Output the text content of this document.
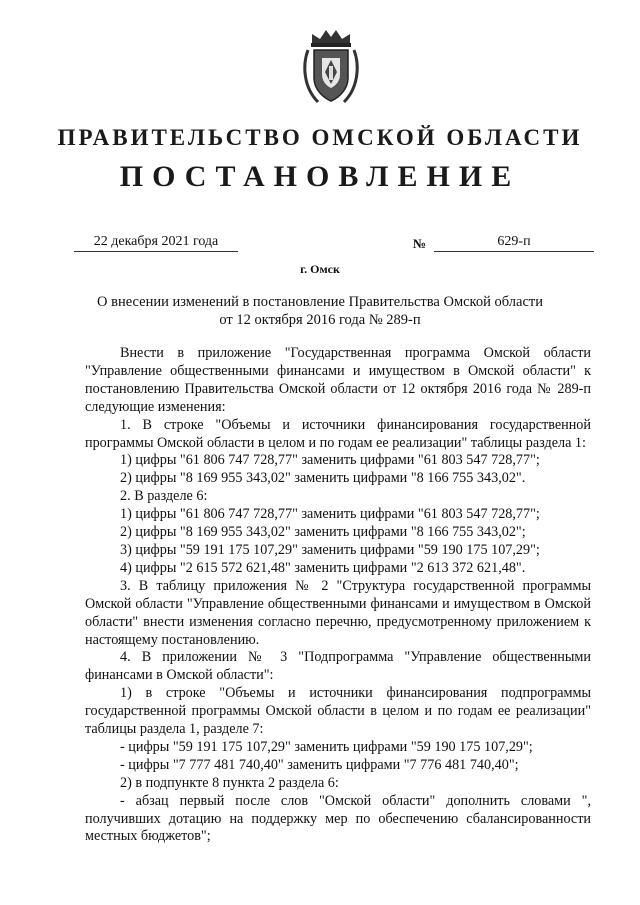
ПРАВИТЕЛЬСТВО ОМСКОЙ ОБЛАСТИ
ПОСТАНОВЛЕНИЕ
22 декабря 2021 года	№	629-п
г. Омск
О внесении изменений в постановление Правительства Омской области
от 12 октября 2016 года № 289-п

Внести в приложение "Государственная программа Омской области "Управление общественными финансами и имуществом в Омской области" к постановлению Правительства Омской области от 12 октября 2016 года № 289-п следующие изменения:

1. В строке "Объемы и источники финансирования государственной программы Омской области в целом и по годам ее реализации" таблицы раздела 1:

1) цифры "61 806 747 728,77" заменить цифрами "61 803 547 728,77";

2) цифры "8 169 955 343,02" заменить цифрами "8 166 755 343,02".

2. В разделе 6:

1) цифры "61 806 747 728,77" заменить цифрами "61 803 547 728,77";

2) цифры "8 169 955 343,02" заменить цифрами "8 166 755 343,02";

3) цифры "59 191 175 107,29" заменить цифрами "59 190 175 107,29";

4) цифры "2 615 572 621,48" заменить цифрами "2 613 372 621,48".

3. В таблицу приложения № 2 "Структура государственной программы Омской области "Управление общественными финансами и имуществом в Омской области" внести изменения согласно перечню, предусмотренному приложением к настоящему постановлению.

4. В приложении № 3 "Подпрограмма "Управление общественными финансами в Омской области":

1) в строке "Объемы и источники финансирования подпрограммы государственной программы Омской области в целом и по годам ее реализации" таблицы раздела 1, разделе 7:

- цифры "59 191 175 107,29" заменить цифрами "59 190 175 107,29";

- цифры "7 777 481 740,40" заменить цифрами "7 776 481 740,40";

2) в подпункте 8 пункта 2 раздела 6:

- абзац первый после слов "Омской области" дополнить словами ", получивших дотацию на поддержку мер по обеспечению сбалансированности местных бюджетов";
